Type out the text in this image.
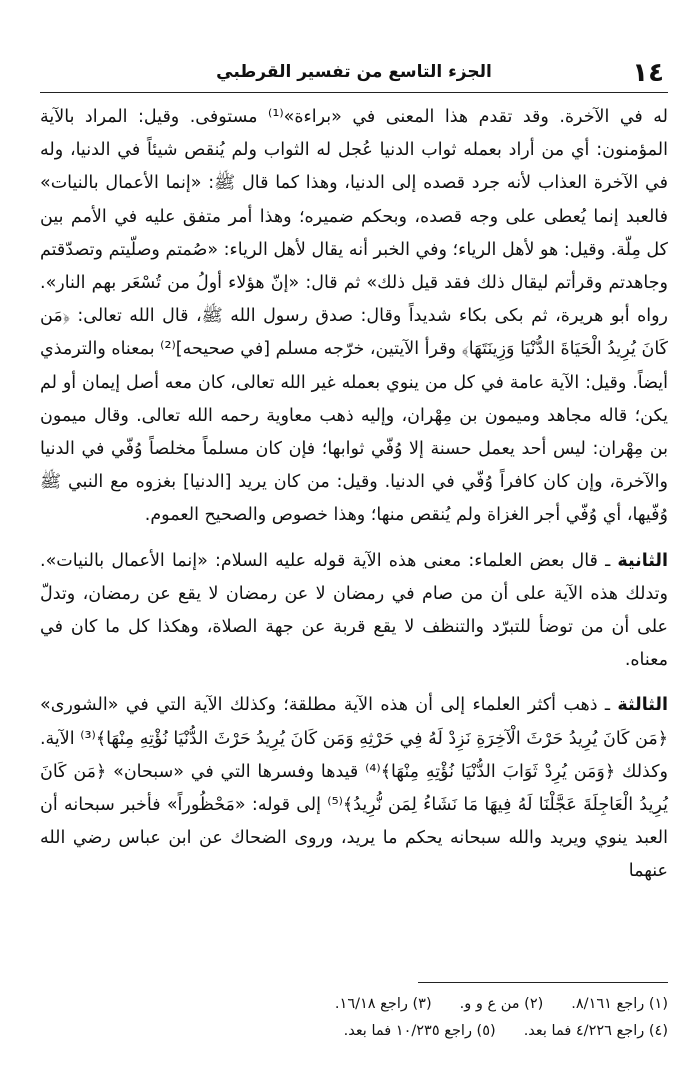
١٤
الجزء التاسع من تفسير القرطبي

له في الآخرة. وقد تقدم هذا المعنى في «براءة»⁽¹⁾ مستوفى. وقيل: المراد بالآية المؤمنون: أي من أراد بعمله ثواب الدنيا عُجل له الثواب ولم يُنقص شيئاً في الدنيا، وله في الآخرة العذاب لأنه جرد قصده إلى الدنيا، وهذا كما قال ﷺ: «إنما الأعمال بالنيات» فالعبد إنما يُعطى على وجه قصده، وبحكم ضميره؛ وهذا أمر متفق عليه في الأمم بين كل مِلّة. وقيل: هو لأهل الرياء؛ وفي الخبر أنه يقال لأهل الرياء: «صُمتم وصلّيتم وتصدّقتم وجاهدتم وقرأتم ليقال ذلك فقد قيل ذلك» ثم قال: «إنّ هؤلاء أولُ من تُسْعَر بهم النار». رواه أبو هريرة، ثم بكى بكاء شديداً وقال: صدق رسول الله ﷺ، قال الله تعالى: ﴿مَن كَانَ يُرِيدُ الْحَيَاةَ الدُّنْيَا وَزِينَتَهَا﴾ وقرأ الآيتين، خرّجه مسلم [في صحيحه]⁽²⁾ بمعناه والترمذي أيضاً. وقيل: الآية عامة في كل من ينوي بعمله غير الله تعالى، كان معه أصل إيمان أو لم يكن؛ قاله مجاهد وميمون بن مِهْران، وإليه ذهب معاوية رحمه الله تعالى. وقال ميمون بن مِهْران: ليس أحد يعمل حسنة إلا وُفّي ثوابها؛ فإن كان مسلماً مخلصاً وُفّي في الدنيا والآخرة، وإن كان كافراً وُفّي في الدنيا. وقيل: من كان يريد [الدنيا] بغزوه مع النبي ﷺ وُفّيها، أي وُفّي أجر الغزاة ولم يُنقص منها؛ وهذا خصوص والصحيح العموم.

الثانية ـ قال بعض العلماء: معنى هذه الآية قوله عليه السلام: «إنما الأعمال بالنيات». وتدلك هذه الآية على أن من صام في رمضان لا عن رمضان لا يقع عن رمضان، وتدلّ على أن من توضأ للتبرّد والتنظف لا يقع قربة عن جهة الصلاة، وهكذا كل ما كان في معناه.

الثالثة ـ ذهب أكثر العلماء إلى أن هذه الآية مطلقة؛ وكذلك الآية التي في «الشورى» ﴿مَن كَانَ يُرِيدُ حَرْثَ الْآخِرَةِ نَزِدْ لَهُ فِي حَرْثِهِ وَمَن كَانَ يُرِيدُ حَرْثَ الدُّنْيَا نُؤْتِهِ مِنْهَا﴾⁽³⁾ الآية. وكذلك ﴿وَمَن يُرِدْ ثَوَابَ الدُّنْيَا نُؤْتِهِ مِنْهَا﴾⁽⁴⁾ قيدها وفسرها التي في «سبحان» ﴿مَن كَانَ يُرِيدُ الْعَاجِلَةَ عَجَّلْنَا لَهُ فِيهَا مَا نَشَاءُ لِمَن نُّرِيدُ﴾⁽⁵⁾ إلى قوله: «مَحْظُوراً» فأخبر سبحانه أن العبد ينوي ويريد والله سبحانه يحكم ما يريد، وروى الضحاك عن ابن عباس رضي الله عنهما

(١) راجع ٨/١٦١.
(٢) من ع و و.
(٣) راجع ١٦/١٨.
(٤) راجع ٤/٢٢٦ فما بعد.
(٥) راجع ١٠/٢٣٥ فما بعد.
